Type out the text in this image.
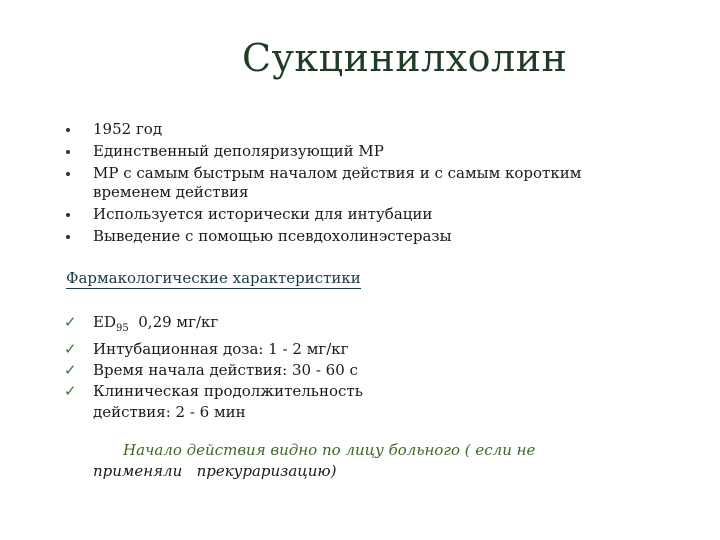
Сукцинилхолин
1952 год
Единственный деполяризующий МР
МР с самым быстрым началом действия и с самым коротким временем действия
Используется исторически для интубации
Выведение с помощью псевдохолинэстеразы
Фармакологические характеристики
✓ $ED_{95}$  0,29 мг/кг
✓ Интубационная доза: 1 - 2 мг/кг
✓ Время начала действия: 30 - 60 с
✓ Клиническая продолжительность
действия: 2 - 6 мин
Начало действия видно по лицу больного ( если не
применяли   прекураризацию)
